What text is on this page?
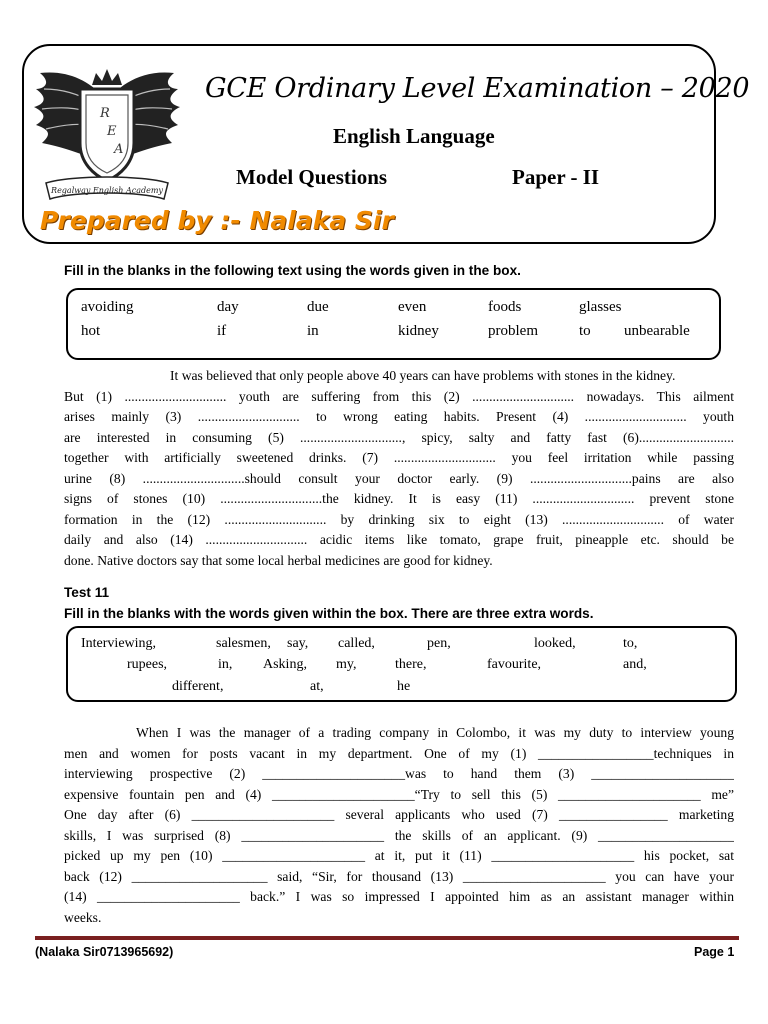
R
E
A
Regalway English Academy
GCE Ordinary Level Examination – 2020
English Language
Model Questions	Paper - II
Prepared by :- Nalaka Sir
Fill in the blanks in the following text using the words given in the box.
avoiding	day	due	even	foods	glasses
hot	if	in	kidney	problem	to unbearable
It was believed that only people above 40 years can have problems with stones in the kidney.
But (1) .............................. youth are suffering from this (2) .............................. nowadays. This ailment
arises mainly (3) .............................. to wrong eating habits. Present (4) .............................. youth
are interested in consuming (5) .............................., spicy, salty and fatty fast (6)............................
together with artificially sweetened drinks. (7) .............................. you feel irritation while passing
urine (8) ..............................should consult your doctor early. (9) ..............................pains are also
signs of stones (10) ..............................the kidney. It is easy (11) .............................. prevent stone
formation in the (12) .............................. by drinking six to eight (13) .............................. of water
daily and also (14) .............................. acidic items like tomato, grape fruit, pineapple etc. should be
done. Native doctors say that some local herbal medicines are good for kidney.
Test 11
Fill in the blanks with the words given within the box. There are three extra words.
Interviewing,	salesmen, say, called,	pen,	looked,	to,
rupees,	in, Asking, my,	there,	favourite,	and,
different,	at,	he
When I was the manager of a trading company in Colombo, it was my duty to interview young
men and women for posts vacant in my department. One of my (1) _________________techniques in
interviewing prospective (2) _____________________was to hand them (3) _____________________
expensive fountain pen and (4) _____________________“Try to sell this (5) _____________________ me”
One day after (6) _____________________ several applicants who used (7) ________________ marketing
skills, I was surprised (8) _____________________ the skills of an applicant. (9) ____________________
picked up my pen (10) _____________________ at it, put it (11) _____________________ his pocket, sat
back (12) ____________________ said, “Sir, for thousand (13) _____________________ you can have your
(14) _____________________ back.” I was so impressed I appointed him as an assistant manager within
weeks.
(Nalaka Sir0713965692)	Page 1
